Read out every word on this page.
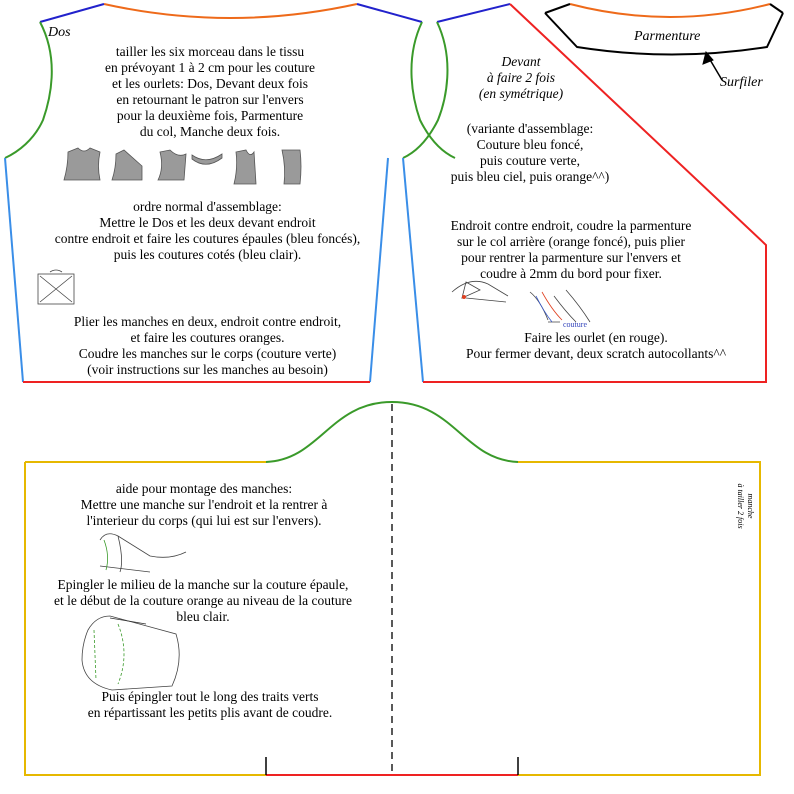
Dos
tailler les six morceau dans le tissu
en prévoyant 1 à 2 cm pour les couture
et les ourlets: Dos, Devant deux fois
en retournant le patron sur l'envers
pour la deuxième fois, Parmenture
du col, Manche deux fois.
ordre normal d'assemblage:
Mettre le Dos et les deux devant endroit
contre endroit et faire les coutures épaules (bleu foncés),
puis les coutures cotés (bleu clair).
Plier les manches en deux, endroit contre endroit,
et faire les coutures oranges.
Coudre les manches sur le corps (couture verte)
(voir instructions sur les manches au besoin)
Devant
à faire 2 fois
(en symétrique)
(variante d'assemblage:
Couture bleu foncé,
puis couture verte,
puis bleu ciel, puis orange^^)
Endroit contre endroit, coudre la parmenture
sur le col arrière (orange foncé), puis plier
pour rentrer la parmenture sur l'envers et
coudre à 2mm du bord pour fixer.
couture
Faire les ourlet (en rouge).
Pour fermer devant, deux scratch autocollants^^
Parmenture
Surfiler
manche
à tailler 2 fois
aide pour montage des manches:
Mettre une manche sur l'endroit et la rentrer à
l'interieur du corps (qui lui est sur l'envers).
Epingler le milieu de la manche sur la couture épaule,
et le début de la couture orange au niveau de la couture
bleu clair.
Puis épingler tout le long des traits verts
en répartissant les petits plis avant de coudre.
